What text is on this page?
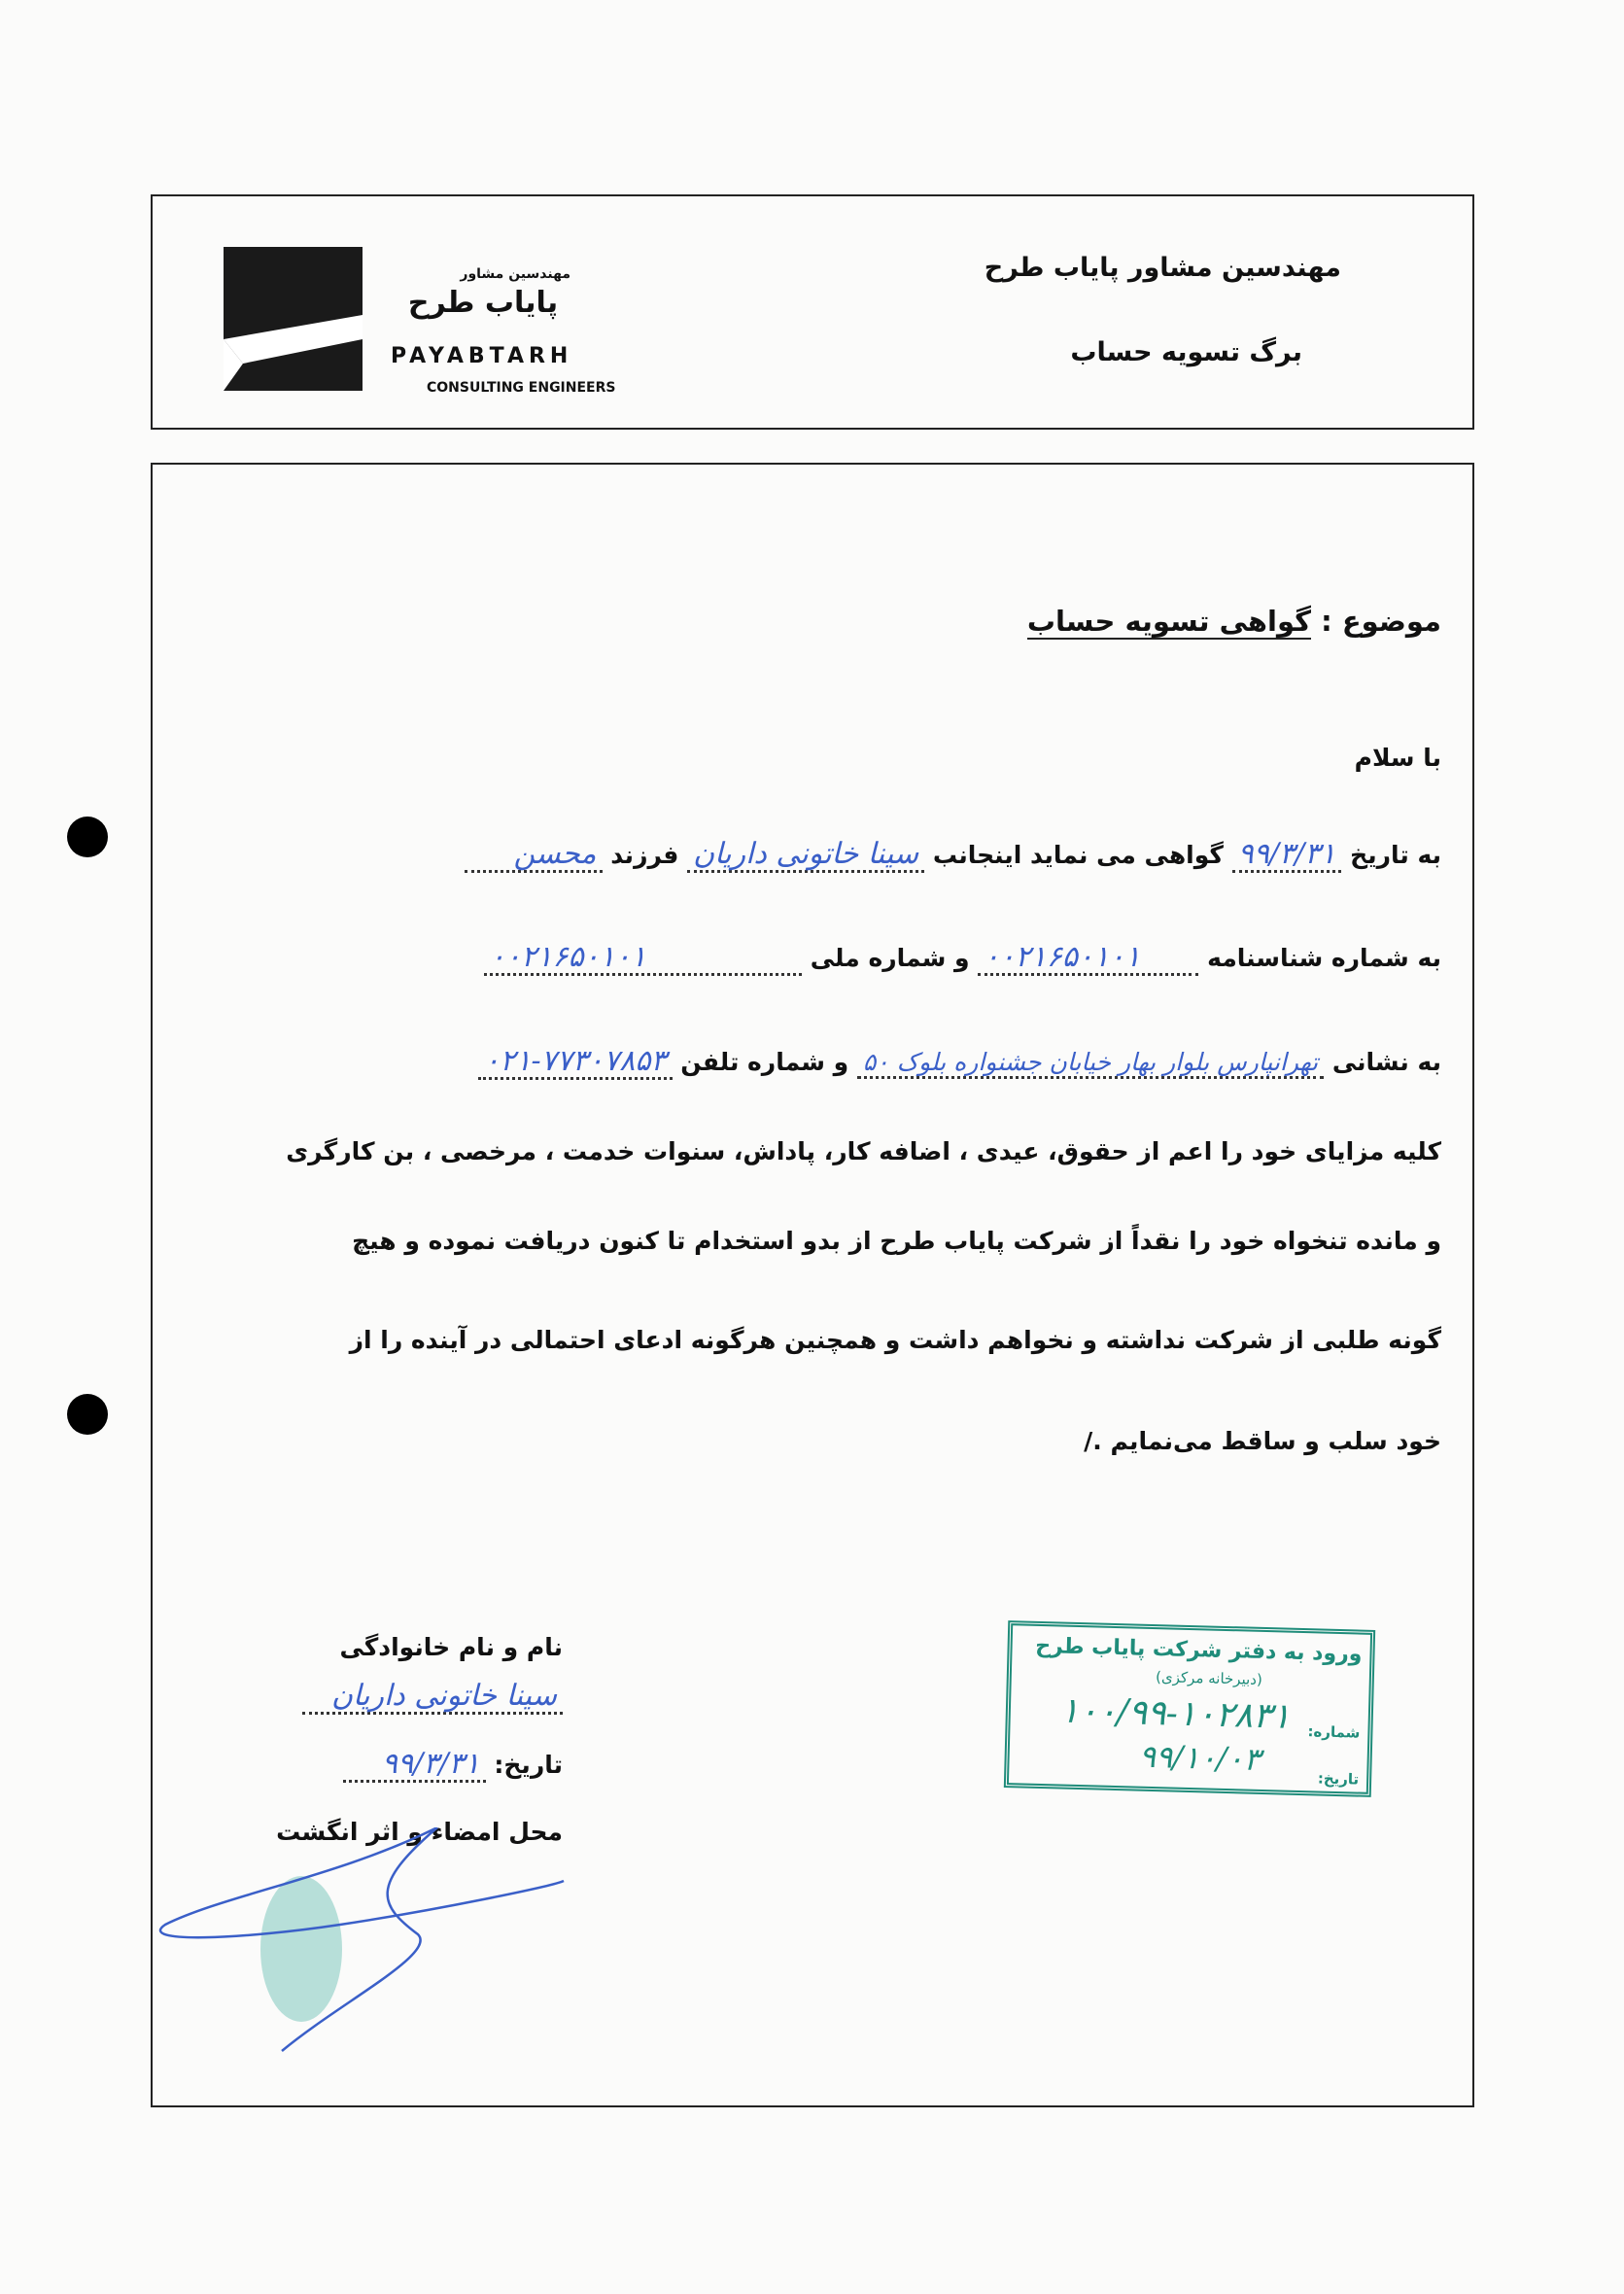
مهندسین مشاور
پایاب طرح
PAYABTARH
CONSULTING ENGINEERS
مهندسین مشاور پایاب طرح
برگ تسویه حساب
موضوع : گواهی تسویه حساب
با سلام
به تاریخ ۹۹/۳/۳۱ گواهی می نماید اینجانب سینا خاتونی داریان فرزند محسن
به شماره شناسنامه ۰۰۲۱۶۵۰۱۰۱ و شماره ملی ۰۰۲۱۶۵۰۱۰۱
به نشانی تهرانپارس بلوار بهار خیابان جشنواره بلوک ۵۰ و شماره تلفن ۰۲۱-۷۷۳۰۷۸۵۳
کلیه مزایای خود را اعم از حقوق، عیدی ، اضافه کار، پاداش، سنوات خدمت ، مرخصی ، بن کارگری
و مانده تنخواه خود را نقداً از شرکت پایاب طرح از بدو استخدام تا کنون دریافت نموده و هیچ
گونه طلبی از شرکت نداشته و نخواهم داشت و همچنین هرگونه ادعای احتمالی در آینده را از
خود سلب و ساقط می‌نمایم ./
نام و نام خانوادگی
سینا خاتونی داریان
تاریخ: ۹۹/۳/۳۱
محل امضاء و اثر انگشت
ورود به دفتر شرکت پایاب طرح
(دبیرخانه مرکزی)
شماره:
۱۰۰/۹۹-۱۰۲۸۳۱
تاریخ:
۹۹/۱۰/۰۳
